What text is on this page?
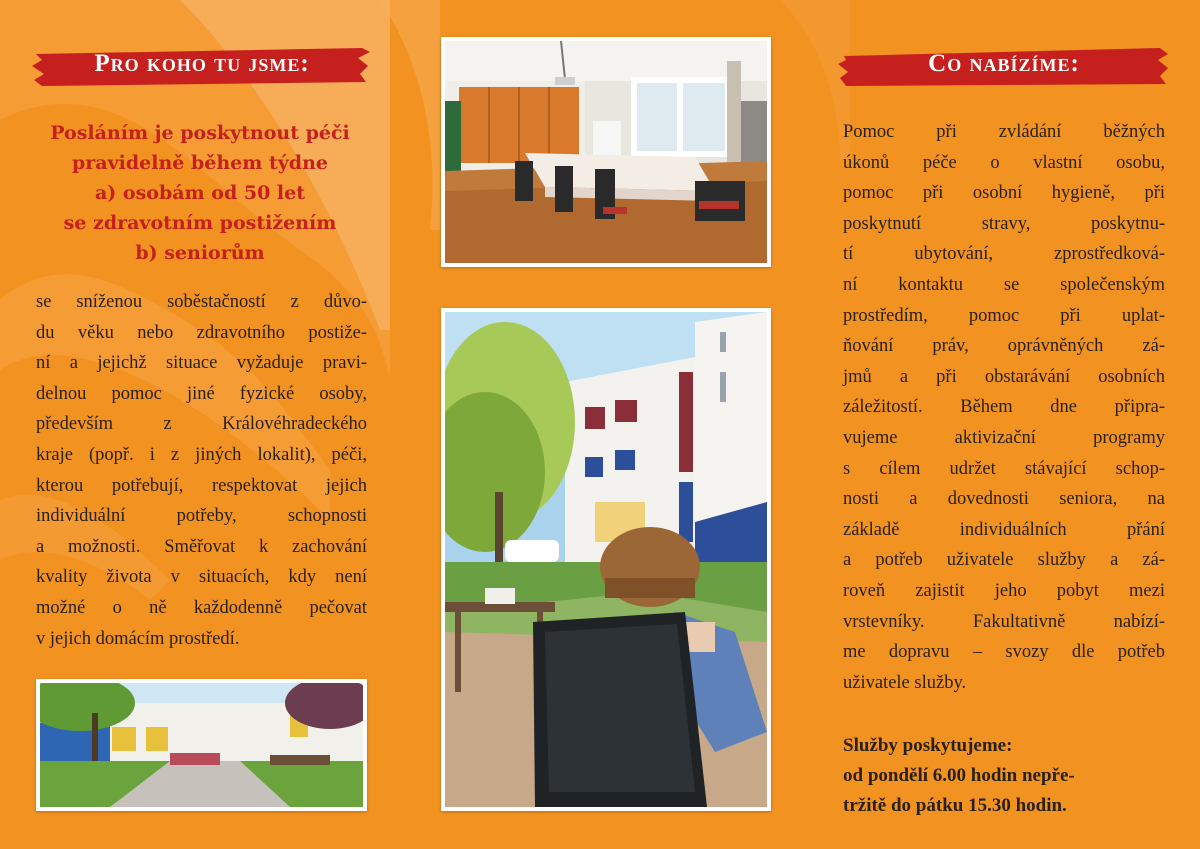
Pro koho tu jsme:	Co nabízíme:
Posláním je poskytnout péči
pravidelně během týdne
a) osobám od 50 let
se zdravotním postižením
b) seniorům
se sníženou soběstačností z důvo-
du věku nebo zdravotního postiže-
ní a jejichž situace vyžaduje pravi-
delnou pomoc jiné fyzické osoby,
především z Královéhradeckého
kraje (popř. i z jiných lokalit), péči,
kterou potřebují, respektovat jejich
individuální potřeby, schopnosti
a možnosti. Směřovat k zachování
kvality života v situacích, kdy není
možné o ně každodenně pečovat
v jejich domácím prostředí.
Pomoc při zvládání běžných
úkonů péče o vlastní osobu,
pomoc při osobní hygieně, při
poskytnutí stravy, poskytnu-
tí ubytování, zprostředková-
ní kontaktu se společenským
prostředím, pomoc při uplat-
ňování práv, oprávněných zá-
jmů a při obstarávání osobních
záležitostí. Během dne připra-
vujeme aktivizační programy
s cílem udržet stávající schop-
nosti a dovednosti seniora, na
základě individuálních přání
a potřeb uživatele služby a zá-
roveň zajistit jeho pobyt mezi
vrstevníky. Fakultativně nabízí-
me dopravu – svozy dle potřeb
uživatele služby.
Služby poskytujeme:
od pondělí 6.00 hodin nepře-
tržitě do pátku 15.30 hodin.
